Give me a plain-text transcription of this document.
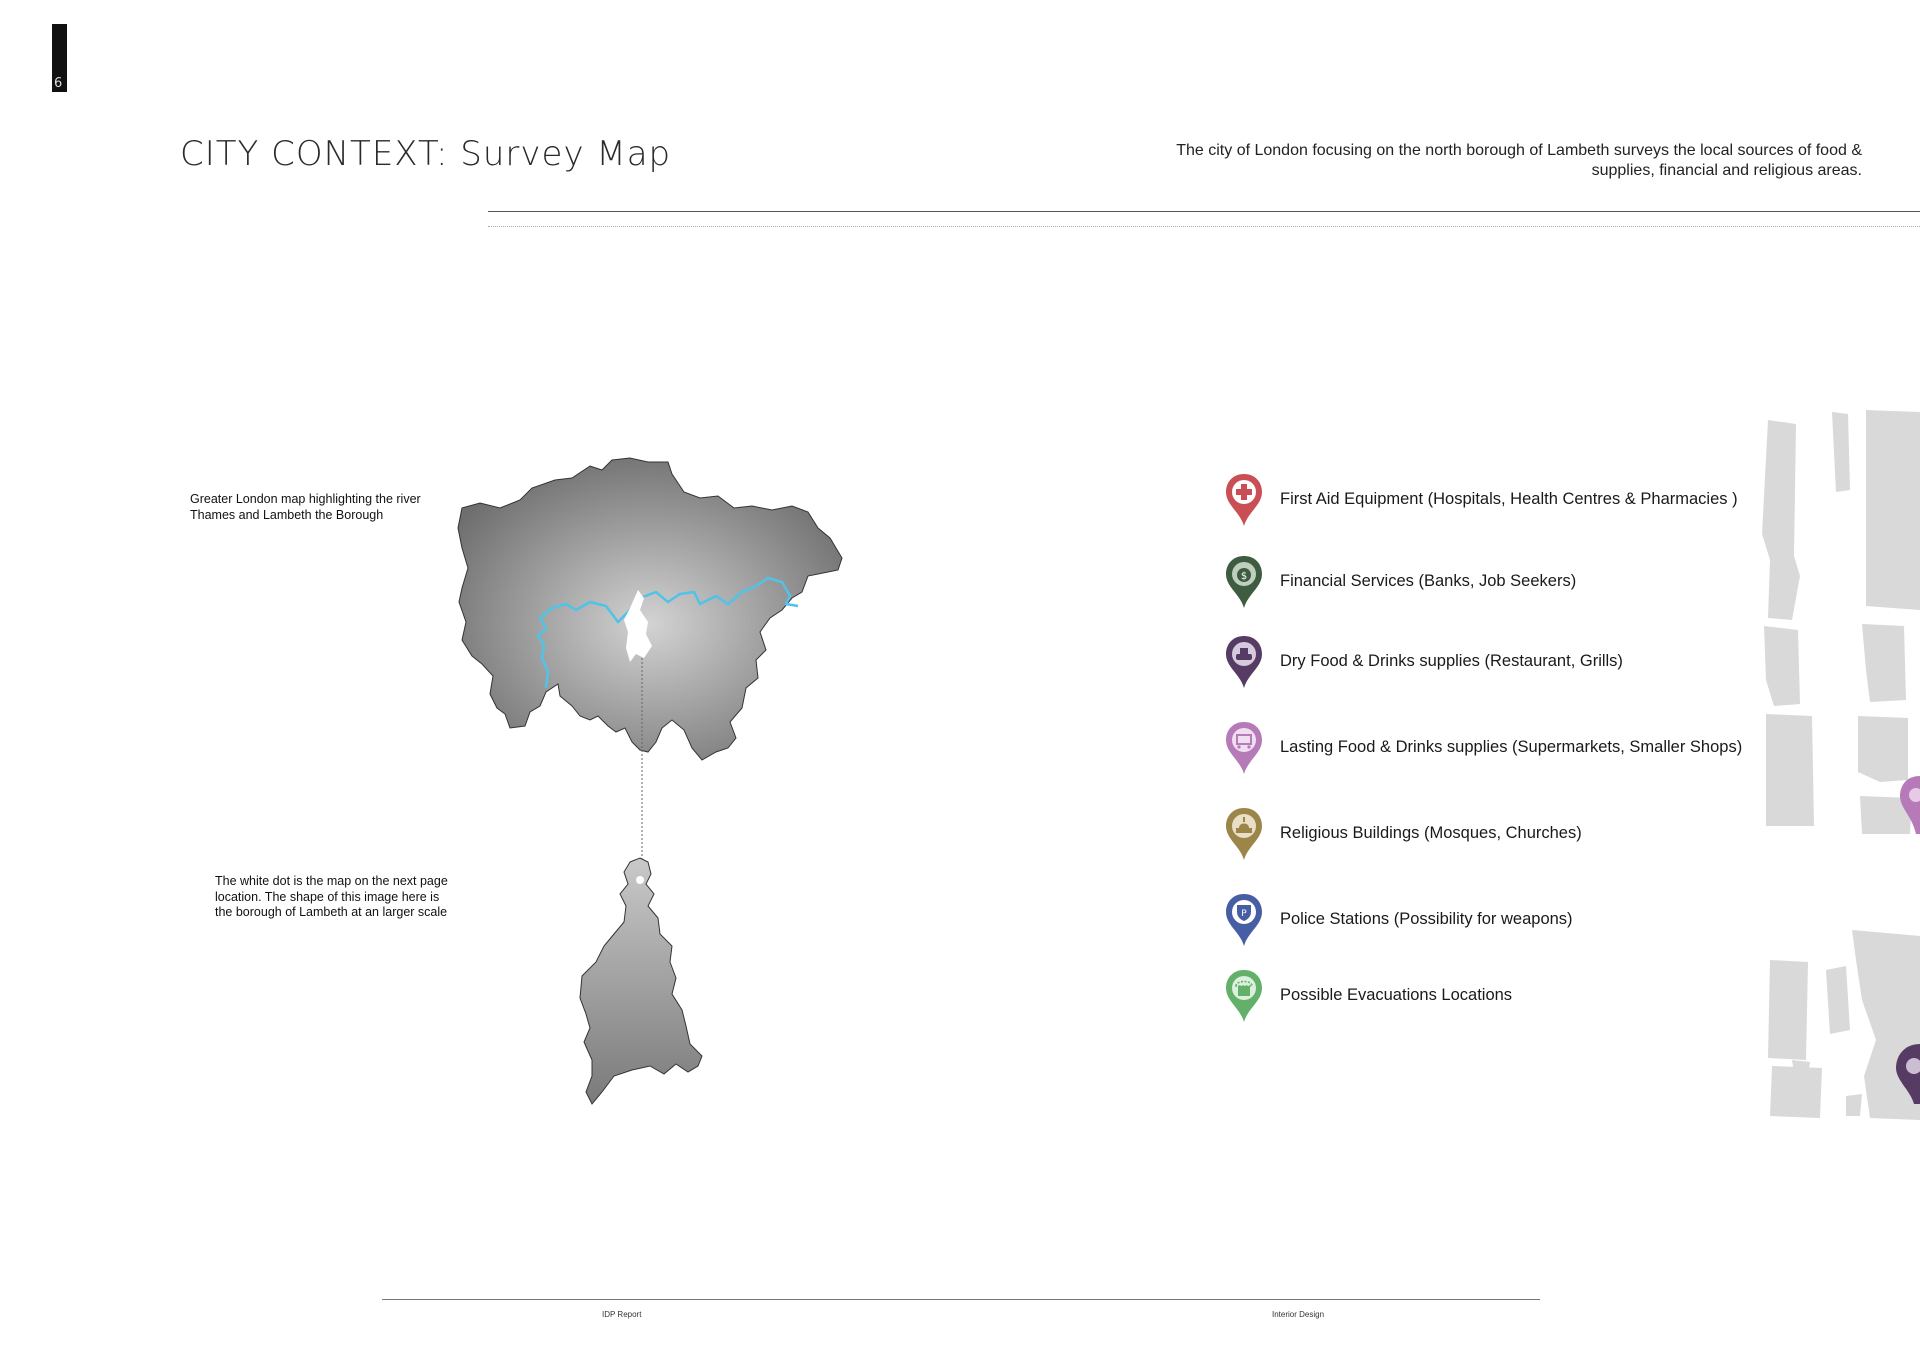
6
CITY CONTEXT: Survey Map	The city of London focusing on the north borough of Lambeth surveys the local sources of food & supplies, financial and religious areas.
Greater London map highlighting the river Thames and Lambeth the Borough
The white dot is the map on the next page location. The shape of this image here is the borough of Lambeth at an larger scale
First Aid Equipment (Hospitals, Health Centres & Pharmacies )
$ Financial Services (Banks, Job Seekers)
Dry Food & Drinks supplies (Restaurant, Grills)
Lasting Food & Drinks supplies (Supermarkets, Smaller Shops)
Religious Buildings (Mosques, Churches)
P Police Stations (Possibility for weapons)
Possible Evacuations Locations
IDP Report	Interior Design
